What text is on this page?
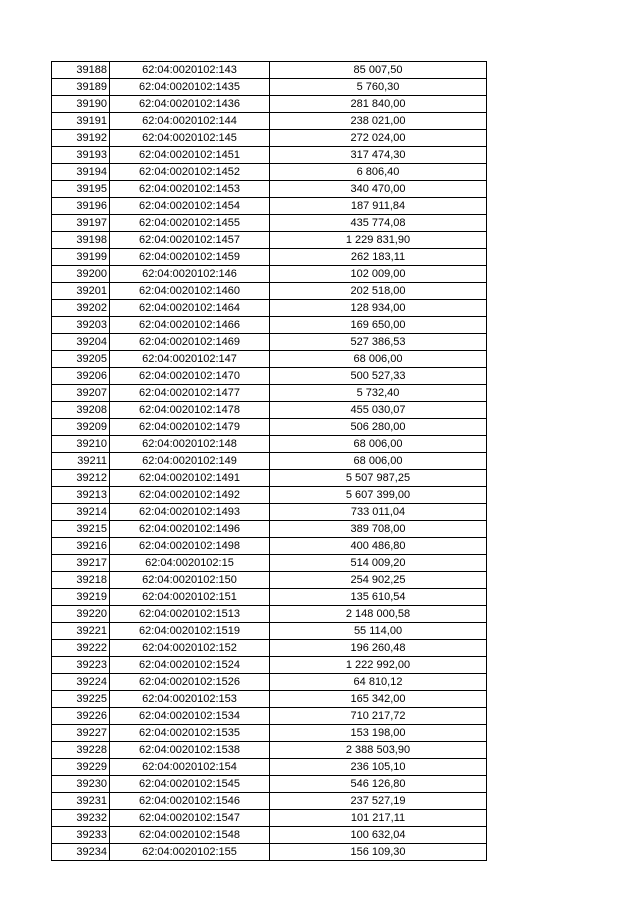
39188	62:04:0020102:143	85 007,50
39189	62:04:0020102:1435	5 760,30
39190	62:04:0020102:1436	281 840,00
39191	62:04:0020102:144	238 021,00
39192	62:04:0020102:145	272 024,00
39193	62:04:0020102:1451	317 474,30
39194	62:04:0020102:1452	6 806,40
39195	62:04:0020102:1453	340 470,00
39196	62:04:0020102:1454	187 911,84
39197	62:04:0020102:1455	435 774,08
39198	62:04:0020102:1457	1 229 831,90
39199	62:04:0020102:1459	262 183,11
39200	62:04:0020102:146	102 009,00
39201	62:04:0020102:1460	202 518,00
39202	62:04:0020102:1464	128 934,00
39203	62:04:0020102:1466	169 650,00
39204	62:04:0020102:1469	527 386,53
39205	62:04:0020102:147	68 006,00
39206	62:04:0020102:1470	500 527,33
39207	62:04:0020102:1477	5 732,40
39208	62:04:0020102:1478	455 030,07
39209	62:04:0020102:1479	506 280,00
39210	62:04:0020102:148	68 006,00
39211	62:04:0020102:149	68 006,00
39212	62:04:0020102:1491	5 507 987,25
39213	62:04:0020102:1492	5 607 399,00
39214	62:04:0020102:1493	733 011,04
39215	62:04:0020102:1496	389 708,00
39216	62:04:0020102:1498	400 486,80
39217	62:04:0020102:15	514 009,20
39218	62:04:0020102:150	254 902,25
39219	62:04:0020102:151	135 610,54
39220	62:04:0020102:1513	2 148 000,58
39221	62:04:0020102:1519	55 114,00
39222	62:04:0020102:152	196 260,48
39223	62:04:0020102:1524	1 222 992,00
39224	62:04:0020102:1526	64 810,12
39225	62:04:0020102:153	165 342,00
39226	62:04:0020102:1534	710 217,72
39227	62:04:0020102:1535	153 198,00
39228	62:04:0020102:1538	2 388 503,90
39229	62:04:0020102:154	236 105,10
39230	62:04:0020102:1545	546 126,80
39231	62:04:0020102:1546	237 527,19
39232	62:04:0020102:1547	101 217,11
39233	62:04:0020102:1548	100 632,04
39234	62:04:0020102:155	156 109,30
